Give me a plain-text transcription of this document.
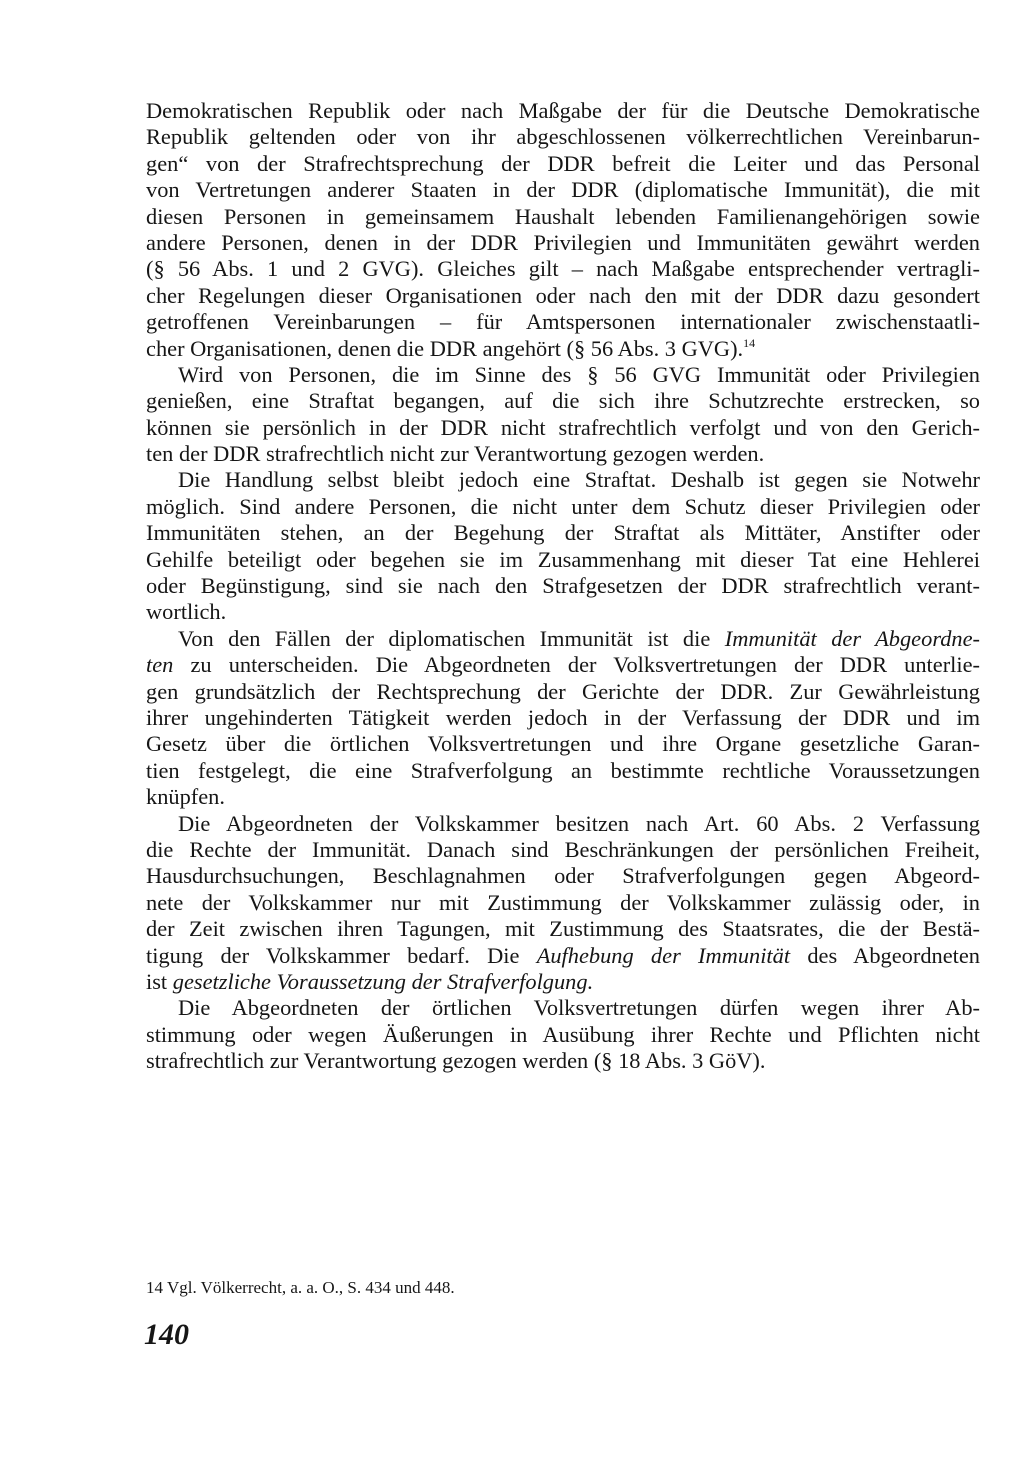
Demokratischen Republik oder nach Maßgabe der für die Deutsche Demokratische
Republik geltenden oder von ihr abgeschlossenen völkerrechtlichen Vereinbarun-
gen“ von der Strafrechtsprechung der DDR befreit die Leiter und das Personal
von Vertretungen anderer Staaten in der DDR (diplomatische Immunität), die mit
diesen Personen in gemeinsamem Haushalt lebenden Familienangehörigen sowie
andere Personen, denen in der DDR Privilegien und Immunitäten gewährt werden
(§ 56 Abs. 1 und 2 GVG). Gleiches gilt – nach Maßgabe entsprechender vertragli-
cher Regelungen dieser Organisationen oder nach den mit der DDR dazu gesondert
getroffenen Vereinbarungen – für Amtspersonen internationaler zwischenstaatli-
cher Organisationen, denen die DDR angehört (§ 56 Abs. 3 GVG).$^{14}$
Wird von Personen, die im Sinne des § 56 GVG Immunität oder Privilegien
genießen, eine Straftat begangen, auf die sich ihre Schutzrechte erstrecken, so
können sie persönlich in der DDR nicht strafrechtlich verfolgt und von den Gerich-
ten der DDR strafrechtlich nicht zur Verantwortung gezogen werden.
Die Handlung selbst bleibt jedoch eine Straftat. Deshalb ist gegen sie Notwehr
möglich. Sind andere Personen, die nicht unter dem Schutz dieser Privilegien oder
Immunitäten stehen, an der Begehung der Straftat als Mittäter, Anstifter oder
Gehilfe beteiligt oder begehen sie im Zusammenhang mit dieser Tat eine Hehlerei
oder Begünstigung, sind sie nach den Strafgesetzen der DDR strafrechtlich verant-
wortlich.
Von den Fällen der diplomatischen Immunität ist die Immunität der Abgeordne-
ten zu unterscheiden. Die Abgeordneten der Volksvertretungen der DDR unterlie-
gen grundsätzlich der Rechtsprechung der Gerichte der DDR. Zur Gewährleistung
ihrer ungehinderten Tätigkeit werden jedoch in der Verfassung der DDR und im
Gesetz über die örtlichen Volksvertretungen und ihre Organe gesetzliche Garan-
tien festgelegt, die eine Strafverfolgung an bestimmte rechtliche Voraussetzungen
knüpfen.
Die Abgeordneten der Volkskammer besitzen nach Art. 60 Abs. 2 Verfassung
die Rechte der Immunität. Danach sind Beschränkungen der persönlichen Freiheit,
Hausdurchsuchungen, Beschlagnahmen oder Strafverfolgungen gegen Abgeord-
nete der Volkskammer nur mit Zustimmung der Volkskammer zulässig oder, in
der Zeit zwischen ihren Tagungen, mit Zustimmung des Staatsrates, die der Bestä-
tigung der Volkskammer bedarf. Die Aufhebung der Immunität des Abgeordneten
ist gesetzliche Voraussetzung der Strafverfolgung.
Die Abgeordneten der örtlichen Volksvertretungen dürfen wegen ihrer Ab-
stimmung oder wegen Äußerungen in Ausübung ihrer Rechte und Pflichten nicht
strafrechtlich zur Verantwortung gezogen werden (§ 18 Abs. 3 GöV).
14 Vgl. Völkerrecht, a. a. O., S. 434 und 448.
140
